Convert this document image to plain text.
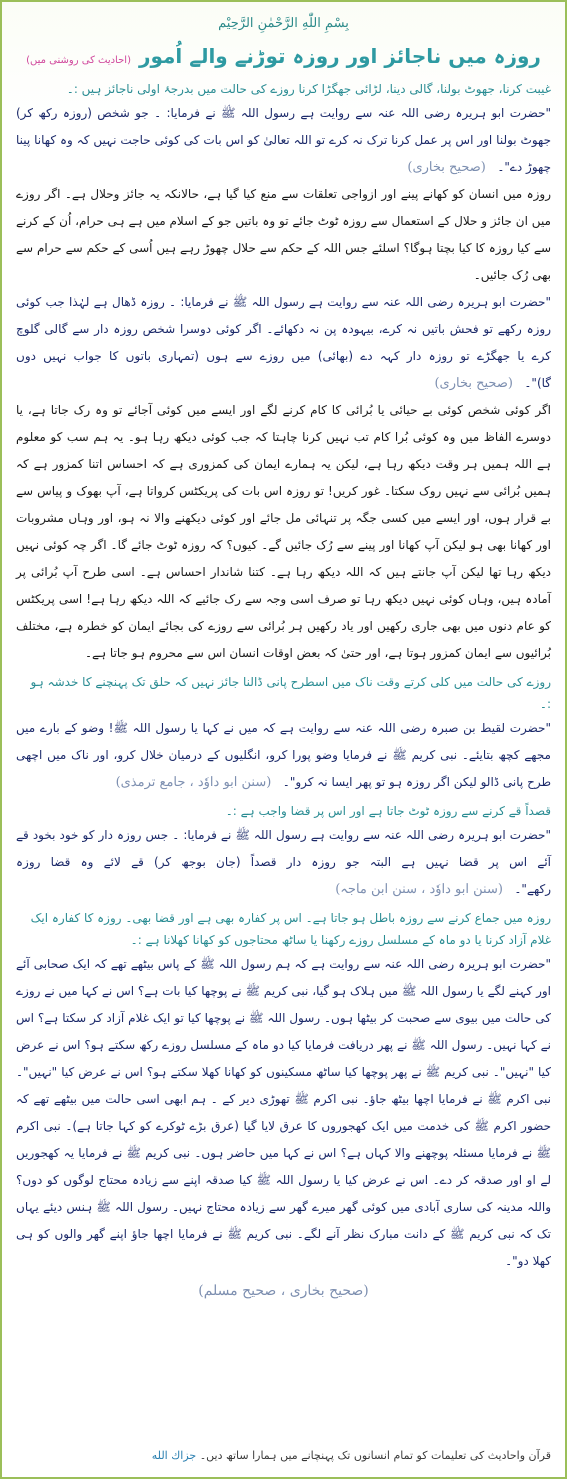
بِسْمِ اللّٰهِ الرَّحْمٰنِ الرَّحِيْم
روزہ میں ناجائز اور روزہ توڑنے والے اُمور
(احادیث کی روشنی میں)
غیبت کرنا، جھوٹ بولنا، گالی دینا، لڑائی جھگڑا کرنا روزے کی حالت میں بدرجۂ اولی ناجائز ہیں :۔

"حضرت ابو ہریرہ رضی اللہ عنہ سے روایت ہے رسول اللہ ﷺ نے فرمایا: ۔ جو شخص (روزہ رکھ کر) جھوٹ بولنا اور اس پر عمل کرنا ترک نہ کرے تو اللہ تعالیٰ کو اس بات کی کوئی حاجت نہیں کہ وہ کھانا پینا چھوڑ دے"۔   (صحیح بخاری)

روزہ میں انسان کو کھانے پینے اور ازواجی تعلقات سے منع کیا گیا ہے، حالانکہ یہ جائز وحلال ہے۔ اگر روزے میں ان جائز و حلال کے استعمال سے روزہ ٹوٹ جائے تو وہ باتیں جو کے اسلام میں ہے ہی حرام، اُن کے کرنے سے کیا روزہ کا کیا بچتا ہوگا؟ اسلئے جس اللہ کے حکم سے حلال چھوڑ رہے ہیں اُسی کے حکم سے حرام سے بھی رُک جائیں۔

"حضرت ابو ہریرہ رضی اللہ عنہ سے روایت ہے رسول اللہ ﷺ نے فرمایا: ۔ روزہ ڈھال ہے لہٰذا جب کوئی روزہ رکھے تو فحش باتیں نہ کرے، بیہودہ پن نہ دکھائے۔ اگر کوئی دوسرا شخص روزہ دار سے گالی گلوچ کرے یا جھگڑے تو روزہ دار کہہ دے (بھائی) میں روزے سے ہوں (تمہاری باتوں کا جواب نہیں دوں گا)"۔   (صحیح بخاری)

اگر کوئی شخص کوئی بے حیائی یا بُرائی کا کام کرنے لگے اور ایسے میں کوئی آجائے تو وہ رک جاتا ہے، یا دوسرے الفاظ میں وہ کوئی بُرا کام تب نہیں کرنا چاہتا کہ جب کوئی دیکھ رہا ہو۔ یہ ہم سب کو معلوم ہے اللہ ہمیں ہر وقت دیکھ رہا ہے، لیکن یہ ہمارے ایمان کی کمزوری ہے کہ احساس اتنا کمزور ہے کہ ہمیں بُرائی سے نہیں روک سکتا۔ غور کریں! تو روزہ اس بات کی پریکٹس کرواتا ہے، آپ بھوک و پیاس سے بے قرار ہوں، اور ایسے میں کسی جگہ پر تنہائی مل جائے اور کوئی دیکھنے والا نہ ہو، اور وہاں مشروبات اور کھانا بھی ہو لیکن آپ کھانا اور پینے سے رُک جائیں گے۔ کیوں؟ کہ روزہ ٹوٹ جائے گا۔ اگر چہ کوئی نہیں دیکھ رہا تھا لیکن آپ جانتے ہیں کہ اللہ دیکھ رہا ہے۔ کتنا شاندار احساس ہے۔ اسی طرح آپ بُرائی پر آمادہ ہیں، وہاں کوئی نہیں دیکھ رہا تو صرف اسی وجہ سے رک جائیے کہ اللہ دیکھ رہا ہے! اسی پریکٹس کو عام دنوں میں بھی جاری رکھیں اور یاد رکھیں ہر بُرائی سے روزے کی بجائے ایمان کو خطرہ ہے، مختلف بُرائیوں سے ایمان کمزور ہوتا ہے، اور حتیٰ کہ بعض اوقات انسان اس سے محروم ہو جاتا ہے۔

روزے کی حالت میں کلی کرتے وقت ناک میں اسطرح پانی ڈالنا جائز نہیں کہ حلق تک پہنچنے کا خدشہ ہو :۔

"حضرت لقیط بن صبرہ رضی اللہ عنہ سے روایت ہے کہ میں نے کہا یا رسول اللہ ﷺ! وضو کے بارے میں مجھے کچھ بتایئے۔ نبی کریم ﷺ نے فرمایا وضو پورا کرو، انگلیوں کے درمیان خلال کرو، اور ناک میں اچھی طرح پانی ڈالو لیکن اگر روزہ ہو تو پھر ایسا نہ کرو"۔   (سنن ابو داوٗد ، جامع ترمذی)

قصداً قے کرنے سے روزہ ٹوٹ جاتا ہے اور اس پر قضا واجب ہے :۔

"حضرت ابو ہریرہ رضی اللہ عنہ سے روایت ہے رسول اللہ ﷺ نے فرمایا: ۔ جس روزہ دار کو خود بخود قے آئے اس پر قضا نہیں ہے البتہ جو روزہ دار قصداً (جان بوجھ کر) قے لائے وہ قضا روزہ رکھے"۔   (سنن ابو داوٗد ، سنن ابن ماجہ)

روزہ میں جماع کرنے سے روزہ باطل ہو جاتا ہے۔ اس پر کفارہ بھی ہے اور قضا بھی۔ روزہ کا کفارہ ایک غلام آزاد کرنا یا دو ماہ کے مسلسل روزے رکھنا یا ساٹھ محتاجوں کو کھانا کھلانا ہے :۔

"حضرت ابو ہریرہ رضی اللہ عنہ سے روایت ہے کہ ہم رسول اللہ ﷺ کے پاس بیٹھے تھے کہ ایک صحابی آئے اور کہنے لگے یا رسول اللہ ﷺ میں ہلاک ہو گیا، نبی کریم ﷺ نے پوچھا کیا بات ہے؟ اس نے کہا میں نے روزے کی حالت میں بیوی سے صحبت کر بیٹھا ہوں۔ رسول اللہ ﷺ نے پوچھا کیا تو ایک غلام آزاد کر سکتا ہے؟ اس نے کہا نہیں۔ رسول اللہ ﷺ نے پھر دریافت فرمایا کیا دو ماہ کے مسلسل روزے رکھ سکتے ہو؟ اس نے عرض کیا "نہیں"۔ نبی کریم ﷺ نے پھر پوچھا کیا ساٹھ مسکینوں کو کھانا کھلا سکتے ہو؟ اس نے عرض کیا "نہیں"۔ نبی اکرم ﷺ نے فرمایا اچھا بیٹھ جاؤ۔ نبی اکرم ﷺ تھوڑی دیر کے ۔ ہم ابھی اسی حالت میں بیٹھے تھے کہ حضور اکرم ﷺ کی خدمت میں ایک کھجوروں کا عرق لایا گیا (عرق بڑے ٹوکرے کو کہا جاتا ہے)۔ نبی اکرم ﷺ نے فرمایا مسئلہ پوچھنے والا کہاں ہے؟ اس نے کہا میں حاضر ہوں۔ نبی کریم ﷺ نے فرمایا یہ کھجوریں لے او اور صدقہ کر دے۔ اس نے عرض کیا یا رسول اللہ ﷺ کیا صدقہ اپنے سے زیادہ محتاج لوگوں کو دوں؟ واللہ مدینہ کی ساری آبادی میں کوئی گھر میرے گھر سے زیادہ محتاج نہیں۔ رسول اللہ ﷺ ہنس دیئے یہاں تک کہ نبی کریم ﷺ کے دانت مبارک نظر آنے لگے۔ نبی کریم ﷺ نے فرمایا اچھا جاؤ اپنے گھر والوں کو ہی کھلا دو"۔

(صحیح بخاری ، صحیح مسلم)
قرآن واحادیث کی تعلیمات کو تمام انسانوں تک پہنچانے میں ہمارا ساتھ دیں۔ جزاك الله
